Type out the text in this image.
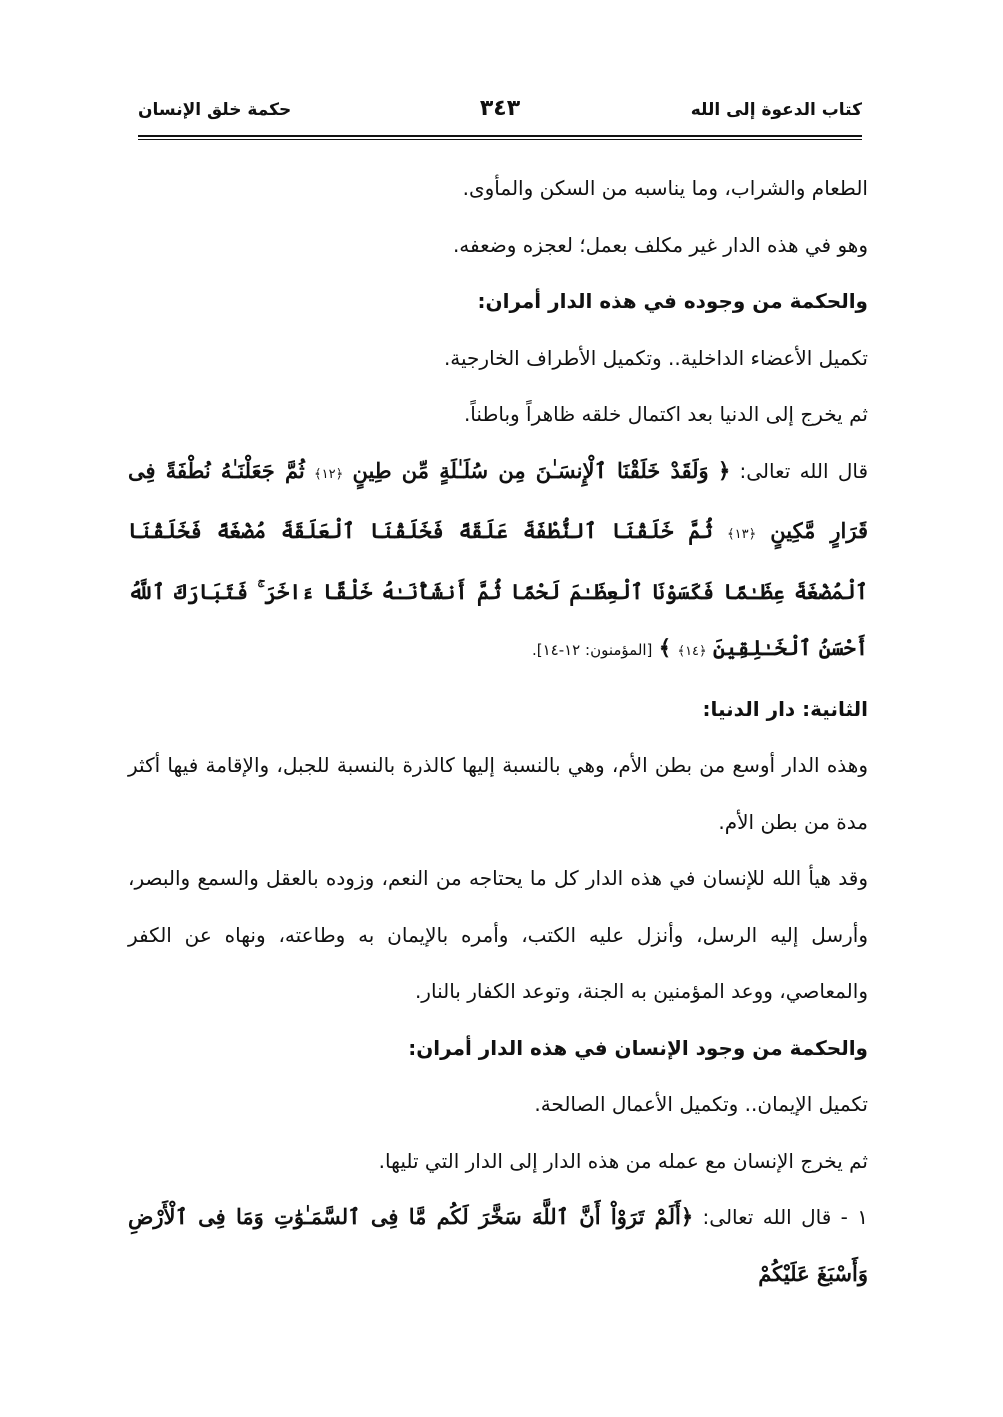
كتاب الدعوة إلى الله
٣٤٣
حكمة خلق الإنسان

الطعام والشراب، وما يناسبه من السكن والمأوى.

وهو في هذه الدار غير مكلف بعمل؛ لعجزه وضعفه.

والحكمة من وجوده في هذه الدار أمران:

تكميل الأعضاء الداخلية.. وتكميل الأطراف الخارجية.

ثم يخرج إلى الدنيا بعد اكتمال خلقه ظاهراً وباطناً.

قال الله تعالى: ﴿ وَلَقَدْ خَلَقْنَا ٱلْإِنسَـٰنَ مِن سُلَـٰلَةٍ مِّن طِينٍ ﴿١٢﴾ ثُمَّ جَعَلْنَـٰهُ نُطْفَةً فِى قَرَارٍ مَّكِينٍ ﴿١٣﴾ ثُمَّ خَلَقْنَا ٱلنُّطْفَةَ عَلَقَةً فَخَلَقْنَا ٱلْعَلَقَةَ مُضْغَةً فَخَلَقْنَا ٱلْمُضْغَةَ عِظَـٰمًا فَكَسَوْنَا ٱلْعِظَـٰمَ لَحْمًا ثُمَّ أَنشَأْنَـٰهُ خَلْقًا ءَاخَرَ ۚ فَتَبَارَكَ ٱللَّهُ أَحْسَنُ ٱلْخَـٰلِقِينَ ﴿١٤﴾ ﴾ [المؤمنون: ١٢-١٤].

الثانية: دار الدنيا:

وهذه الدار أوسع من بطن الأم، وهي بالنسبة إليها كالذرة بالنسبة للجبل، والإقامة فيها أكثر مدة من بطن الأم.

وقد هيأ الله للإنسان في هذه الدار كل ما يحتاجه من النعم، وزوده بالعقل والسمع والبصر، وأرسل إليه الرسل، وأنزل عليه الكتب، وأمره بالإيمان به وطاعته، ونهاه عن الكفر والمعاصي، ووعد المؤمنين به الجنة، وتوعد الكفار بالنار.

والحكمة من وجود الإنسان في هذه الدار أمران:

تكميل الإيمان.. وتكميل الأعمال الصالحة.

ثم يخرج الإنسان مع عمله من هذه الدار إلى الدار التي تليها.

١ - قال الله تعالى: ﴿أَلَمْ تَرَوْاْ أَنَّ ٱللَّهَ سَخَّرَ لَكُم مَّا فِى ٱلسَّمَـٰوَٰتِ وَمَا فِى ٱلْأَرْضِ وَأَسْبَغَ عَلَيْكُمْ
